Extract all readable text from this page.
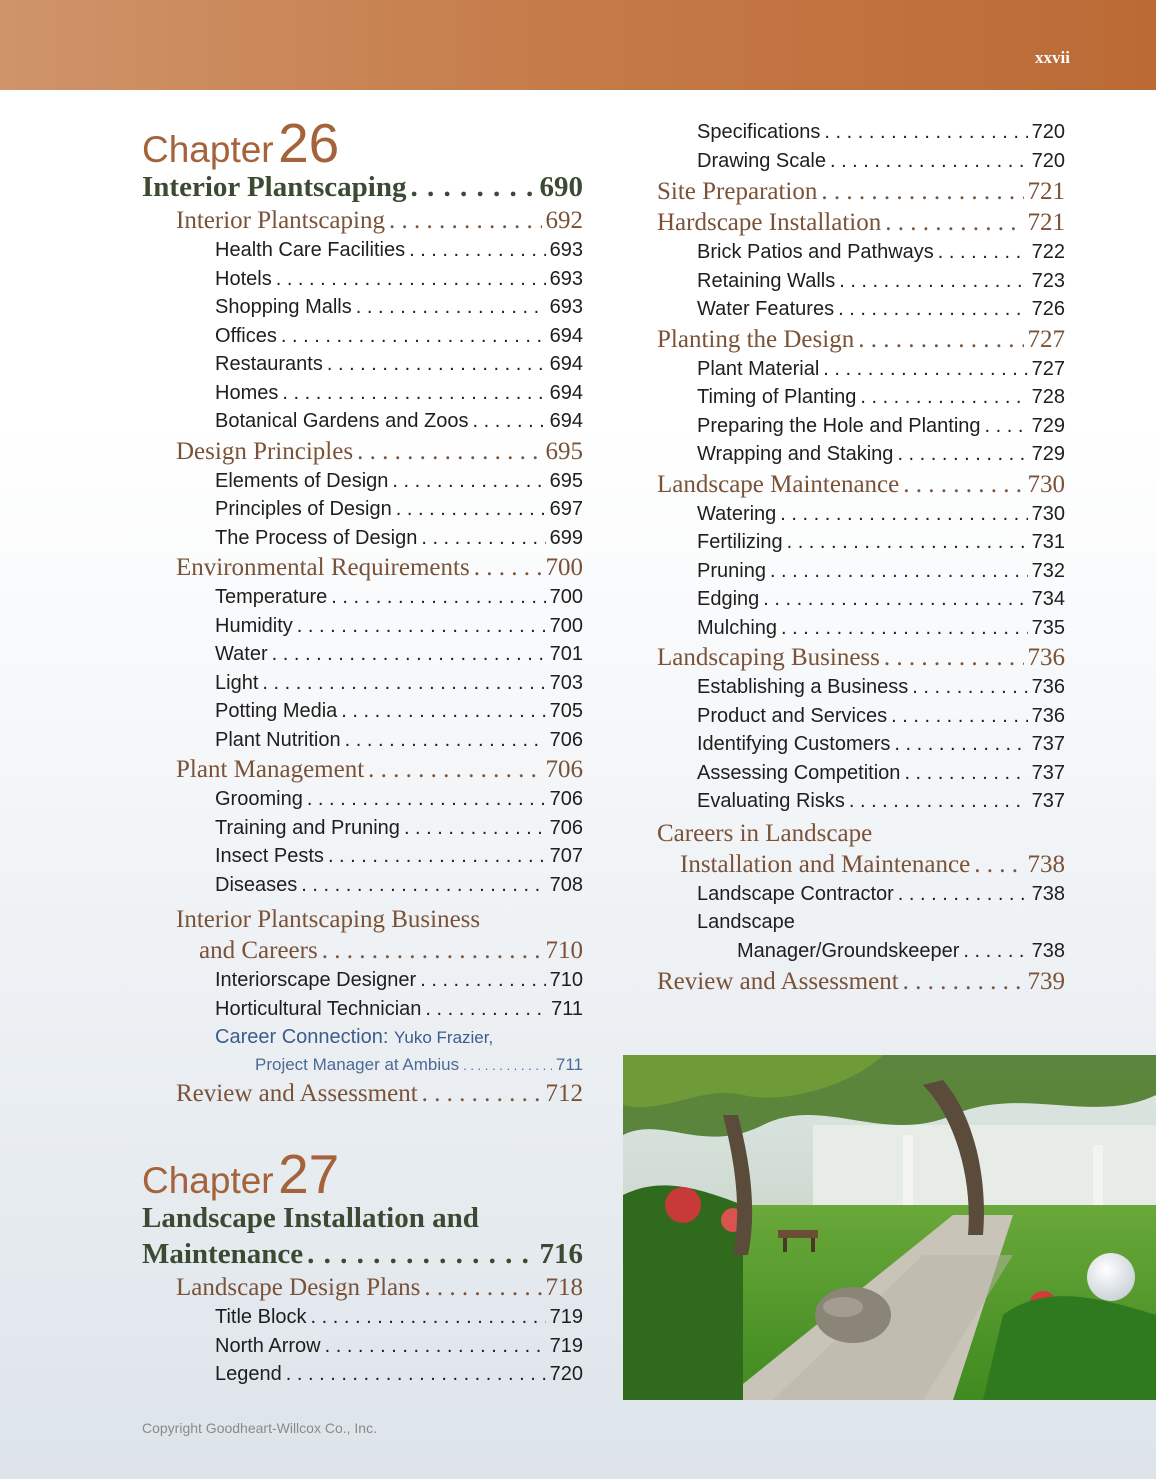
xxvii
Chapter 26
Interior Plantscaping . . .	690
Interior Plantscaping . . .	692
Health Care Facilities . . .	693
Hotels . . .	693
Shopping Malls . . .	693
Offices . . .	694
Restaurants . . .	694
Homes . . .	694
Botanical Gardens and Zoos . . .	694
Design Principles . . .	695
Elements of Design . . .	695
Principles of Design . . .	697
The Process of Design . . .	699
Environmental Requirements . . .	700
Temperature . . .	700
Humidity . . .	700
Water . . .	701
Light . . .	703
Potting Media . . .	705
Plant Nutrition . . .	706
Plant Management . . .	706
Grooming . . .	706
Training and Pruning . . .	706
Insect Pests . . .	707
Diseases . . .	708
Interior Plantscaping Business
and Careers . . .	710
Interiorscape Designer . . .	710
Horticultural Technician . . .	711
Career Connection: Yuko Frazier,
Project Manager at Ambius . . .	711
Review and Assessment . . .	712
Chapter 27
Landscape Installation and
Maintenance . . .	716
Landscape Design Plans . . .	718
Title Block . . .	719
North Arrow . . .	719
Legend . . .	720
Specifications . . .	720
Drawing Scale . . .	720
Site Preparation . . .	721
Hardscape Installation . . .	721
Brick Patios and Pathways . . .	722
Retaining Walls . . .	723
Water Features . . .	726
Planting the Design . . .	727
Plant Material . . .	727
Timing of Planting . . .	728
Preparing the Hole and Planting . . .	729
Wrapping and Staking . . .	729
Landscape Maintenance . . .	730
Watering . . .	730
Fertilizing . . .	731
Pruning . . .	732
Edging . . .	734
Mulching . . .	735
Landscaping Business . . .	736
Establishing a Business . . .	736
Product and Services . . .	736
Identifying Customers . . .	737
Assessing Competition . . .	737
Evaluating Risks . . .	737
Careers in Landscape
Installation and Maintenance . . . 738
Landscape Contractor . . .	738
Landscape
Manager/Groundskeeper . . .	738
Review and Assessment . . .	739
Copyright Goodheart-Willcox Co., Inc.
